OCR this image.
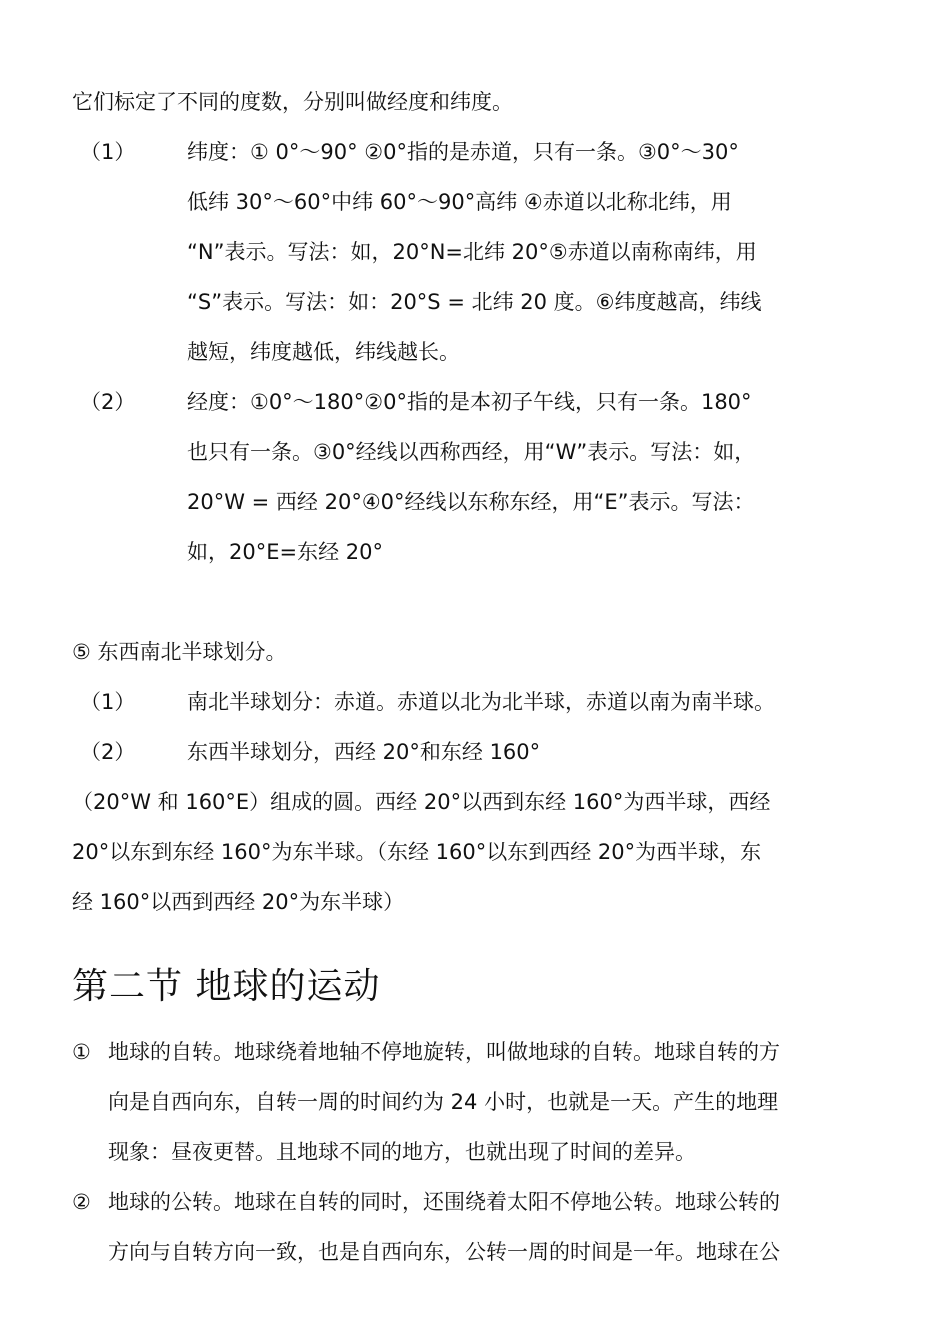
它们标定了不同的度数，分别叫做经度和纬度。
（1） 纬度：① 0°～90° ②0°指的是赤道，只有一条。③0°～30°
低纬 30°～60°中纬 60°～90°高纬 ④赤道以北称北纬，用
“N”表示。写法：如，20°N=北纬 20°⑤赤道以南称南纬，用
“S”表示。写法：如：20°S = 北纬 20 度。⑥纬度越高，纬线
越短，纬度越低，纬线越长。
（2） 经度：①0°～180°②0°指的是本初子午线，只有一条。180°
也只有一条。③0°经线以西称西经，用“W”表示。写法：如，
20°W = 西经 20°④0°经线以东称东经，用“E”表示。写法：
如，20°E=东经 20°
⑤ 东西南北半球划分。
（1） 南北半球划分：赤道。赤道以北为北半球，赤道以南为南半球。
（2） 东西半球划分，西经 20°和东经 160°
（20°W 和 160°E）组成的圆。西经 20°以西到东经 160°为西半球，西经
20°以东到东经 160°为东半球。（东经 160°以东到西经 20°为西半球，东
经 160°以西到西经 20°为东半球）
第二节 地球的运动
① 地球的自转。地球绕着地轴不停地旋转，叫做地球的自转。地球自转的方
向是自西向东，自转一周的时间约为 24 小时，也就是一天。产生的地理
现象：昼夜更替。且地球不同的地方，也就出现了时间的差异。
② 地球的公转。地球在自转的同时，还围绕着太阳不停地公转。地球公转的
方向与自转方向一致，也是自西向东，公转一周的时间是一年。地球在公
